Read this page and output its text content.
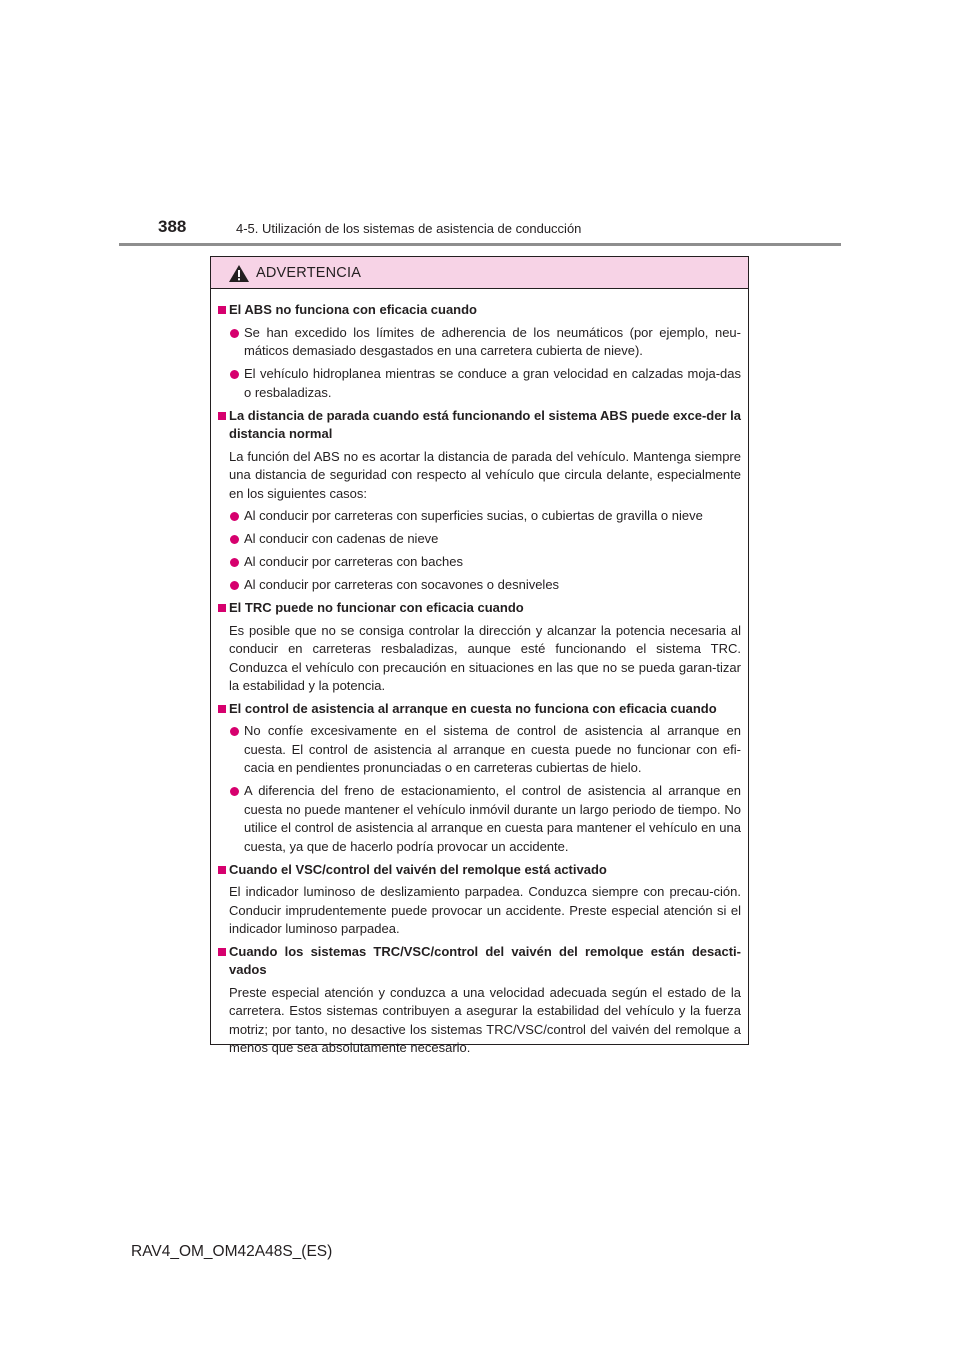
388	4-5. Utilización de los sistemas de asistencia de conducción
ADVERTENCIA
El ABS no funciona con eficacia cuando
Se han excedido los límites de adherencia de los neumáticos (por ejemplo, neu-máticos demasiado desgastados en una carretera cubierta de nieve).
El vehículo hidroplanea mientras se conduce a gran velocidad en calzadas moja-das o resbaladizas.
La distancia de parada cuando está funcionando el sistema ABS puede exce-der la distancia normal
La función del ABS no es acortar la distancia de parada del vehículo. Mantenga siempre una distancia de seguridad con respecto al vehículo que circula delante, especialmente en los siguientes casos:
Al conducir por carreteras con superficies sucias, o cubiertas de gravilla o nieve
Al conducir con cadenas de nieve
Al conducir por carreteras con baches
Al conducir por carreteras con socavones o desniveles
El TRC puede no funcionar con eficacia cuando
Es posible que no se consiga controlar la dirección y alcanzar la potencia necesaria al conducir en carreteras resbaladizas, aunque esté funcionando el sistema TRC. Conduzca el vehículo con precaución en situaciones en las que no se pueda garan-tizar la estabilidad y la potencia.
El control de asistencia al arranque en cuesta no funciona con eficacia cuando
No confíe excesivamente en el sistema de control de asistencia al arranque en cuesta. El control de asistencia al arranque en cuesta puede no funcionar con efi-cacia en pendientes pronunciadas o en carreteras cubiertas de hielo.
A diferencia del freno de estacionamiento, el control de asistencia al arranque en cuesta no puede mantener el vehículo inmóvil durante un largo periodo de tiempo. No utilice el control de asistencia al arranque en cuesta para mantener el vehículo en una cuesta, ya que de hacerlo podría provocar un accidente.
Cuando el VSC/control del vaivén del remolque está activado
El indicador luminoso de deslizamiento parpadea. Conduzca siempre con precau-ción. Conducir imprudentemente puede provocar un accidente. Preste especial atención si el indicador luminoso parpadea.
Cuando los sistemas TRC/VSC/control del vaivén del remolque están desacti-vados
Preste especial atención y conduzca a una velocidad adecuada según el estado de la carretera. Estos sistemas contribuyen a asegurar la estabilidad del vehículo y la fuerza motriz; por tanto, no desactive los sistemas TRC/VSC/control del vaivén del remolque a menos que sea absolutamente necesario.
RAV4_OM_OM42A48S_(ES)
